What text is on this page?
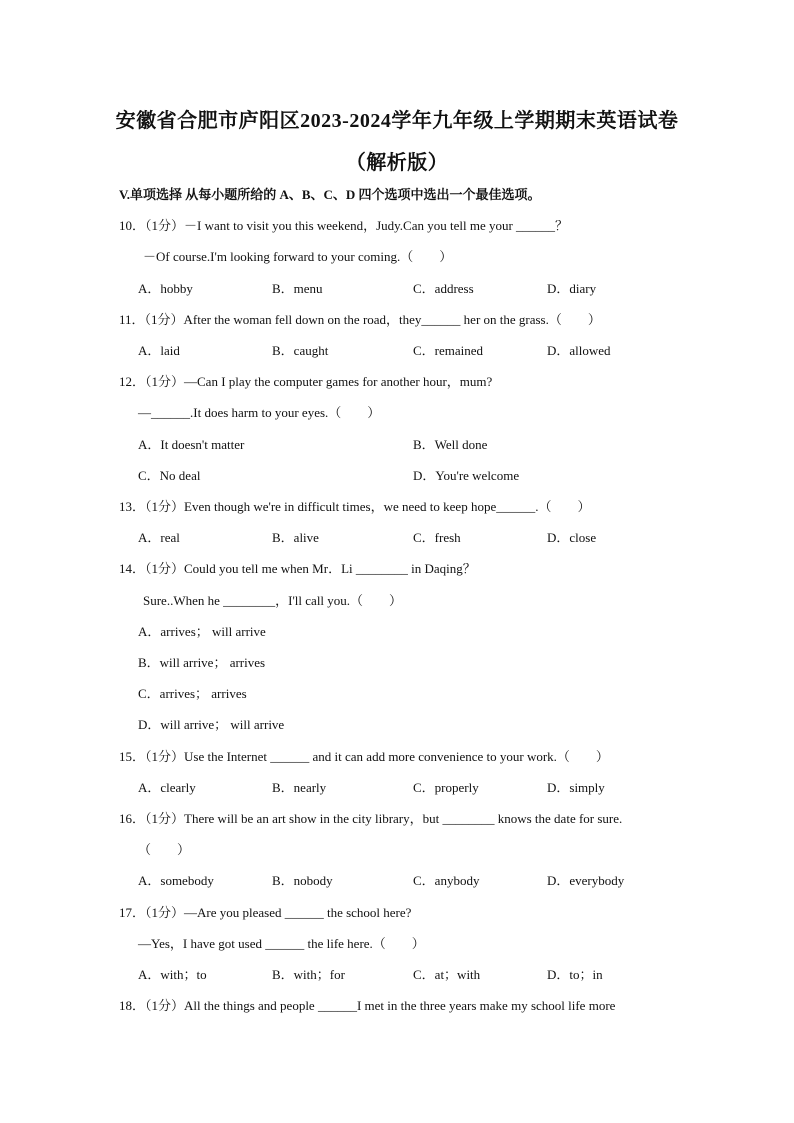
安徽省合肥市庐阳区2023-2024学年九年级上学期期末英语试卷
（解析版）
V.单项选择 从每小题所给的 A、B、C、D 四个选项中选出一个最佳选项。
10．（1分）－I want to visit you this weekend，Judy.Can you tell me your ______？
－Of course.I'm looking forward to your coming.（　　）
A．hobby	B．menu	C．address	D．diary
11．（1分）After the woman fell down on the road，they______ her on the grass.（　　）
A．laid	B．caught	C．remained	D．allowed
12．（1分）—Can I play the computer games for another hour，mum?
—______.It does harm to your eyes.（　　）
A．It doesn't matter	B．Well done
C．No deal	D．You're welcome
13．（1分）Even though we're in difficult times，we need to keep hope______.（　　）
A．real	B．alive	C．fresh	D．close
14．（1分）Could you tell me when Mr．Li ________ in Daqing？
Sure..When he ________，I'll call you.（　　）
A．arrives； will arrive
B．will arrive； arrives
C．arrives； arrives
D．will arrive； will arrive
15．（1分）Use the Internet ______ and it can add more convenience to your work.（　　）
A．clearly	B．nearly	C．properly	D．simply
16．（1分）There will be an art show in the city library，but ________ knows the date for sure.
（　　）
A．somebody	B．nobody	C．anybody	D．everybody
17．（1分）—Are you pleased ______ the school here?
—Yes，I have got used ______ the life here.（　　）
A．with；to	B．with；for	C．at；with	D．to；in
18．（1分）All the things and people ______I met in the three years make my school life more
